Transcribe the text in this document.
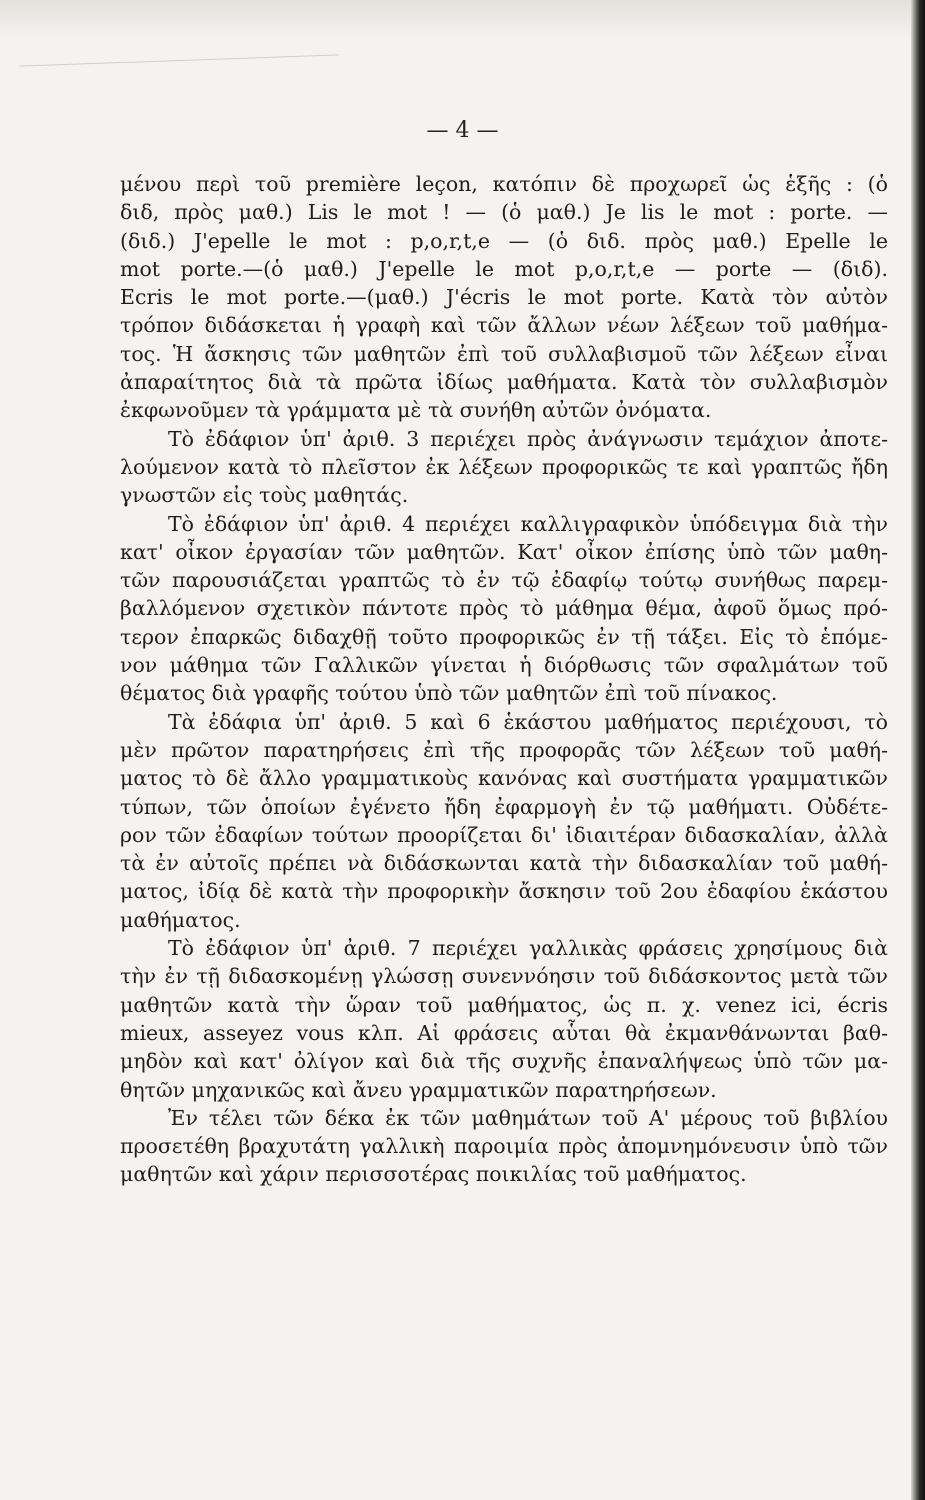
— 4 —
μένου περὶ τοῦ première leçon, κατόπιν δὲ προχωρεῖ ὡς ἑξῆς : (ὁ
διδ, πρὸς μαθ.) Lis le mot ! — (ὁ μαθ.) Je lis le mot : porte. —
(διδ.) J'epelle le mot : p,o,r,t,e — (ὁ διδ. πρὸς μαθ.) Epelle le
mot porte.—(ὁ μαθ.) J'epelle le mot p,o,r,t,e — porte — (διδ).
Ecris le mot porte.—(μαθ.) J'écris le mot porte. Κατὰ τὸν αὐτὸν
τρόπον διδάσκεται ἡ γραφὴ καὶ τῶν ἄλλων νέων λέξεων τοῦ μαθήμα-
τος. Ἡ ἄσκησις τῶν μαθητῶν ἐπὶ τοῦ συλλαβισμοῦ τῶν λέξεων εἶναι
ἀπαραίτητος διὰ τὰ πρῶτα ἰδίως μαθήματα. Κατὰ τὸν συλλαβισμὸν
ἐκφωνοῦμεν τὰ γράμματα μὲ τὰ συνήθη αὐτῶν ὀνόματα.
Τὸ ἐδάφιον ὑπ' ἀριθ. 3 περιέχει πρὸς ἀνάγνωσιν τεμάχιον ἀποτε-
λούμενον κατὰ τὸ πλεῖστον ἐκ λέξεων προφορικῶς τε καὶ γραπτῶς ἤδη
γνωστῶν εἰς τοὺς μαθητάς.
Τὸ ἐδάφιον ὑπ' ἀριθ. 4 περιέχει καλλιγραφικὸν ὑπόδειγμα διὰ τὴν
κατ' οἶκον ἐργασίαν τῶν μαθητῶν. Κατ' οἶκον ἐπίσης ὑπὸ τῶν μαθη-
τῶν παρουσιάζεται γραπτῶς τὸ ἐν τῷ ἐδαφίῳ τούτῳ συνήθως παρεμ-
βαλλόμενον σχετικὸν πάντοτε πρὸς τὸ μάθημα θέμα, ἀφοῦ ὅμως πρό-
τερον ἐπαρκῶς διδαχθῇ τοῦτο προφορικῶς ἐν τῇ τάξει. Εἰς τὸ ἑπόμε-
νον μάθημα τῶν Γαλλικῶν γίνεται ἡ διόρθωσις τῶν σφαλμάτων τοῦ
θέματος διὰ γραφῆς τούτου ὑπὸ τῶν μαθητῶν ἐπὶ τοῦ πίνακος.
Τὰ ἐδάφια ὑπ' ἀριθ. 5 καὶ 6 ἑκάστου μαθήματος περιέχουσι, τὸ
μὲν πρῶτον παρατηρήσεις ἐπὶ τῆς προφορᾶς τῶν λέξεων τοῦ μαθή-
ματος τὸ δὲ ἄλλο γραμματικοὺς κανόνας καὶ συστήματα γραμματικῶν
τύπων, τῶν ὁποίων ἐγένετο ἤδη ἐφαρμογὴ ἐν τῷ μαθήματι. Οὐδέτε-
ρον τῶν ἐδαφίων τούτων προορίζεται δι' ἰδιαιτέραν διδασκαλίαν, ἀλλὰ
τὰ ἐν αὐτοῖς πρέπει νὰ διδάσκωνται κατὰ τὴν διδασκαλίαν τοῦ μαθή-
ματος, ἰδίᾳ δὲ κατὰ τὴν προφορικὴν ἄσκησιν τοῦ 2ου ἐδαφίου ἑκάστου
μαθήματος.
Τὸ ἐδάφιον ὑπ' ἀριθ. 7 περιέχει γαλλικὰς φράσεις χρησίμους διὰ
τὴν ἐν τῇ διδασκομένῃ γλώσσῃ συνεννόησιν τοῦ διδάσκοντος μετὰ τῶν
μαθητῶν κατὰ τὴν ὥραν τοῦ μαθήματος, ὡς π. χ. venez ici, écris
mieux, asseyez vous κλπ. Αἱ φράσεις αὗται θὰ ἐκμανθάνωνται βαθ-
μηδὸν καὶ κατ' ὀλίγον καὶ διὰ τῆς συχνῆς ἐπαναλήψεως ὑπὸ τῶν μα-
θητῶν μηχανικῶς καὶ ἄνευ γραμματικῶν παρατηρήσεων.
Ἐν τέλει τῶν δέκα ἐκ τῶν μαθημάτων τοῦ Α' μέρους τοῦ βιβλίου
προσετέθη βραχυτάτη γαλλικὴ παροιμία πρὸς ἀπομνημόνευσιν ὑπὸ τῶν
μαθητῶν καὶ χάριν περισσοτέρας ποικιλίας τοῦ μαθήματος.
